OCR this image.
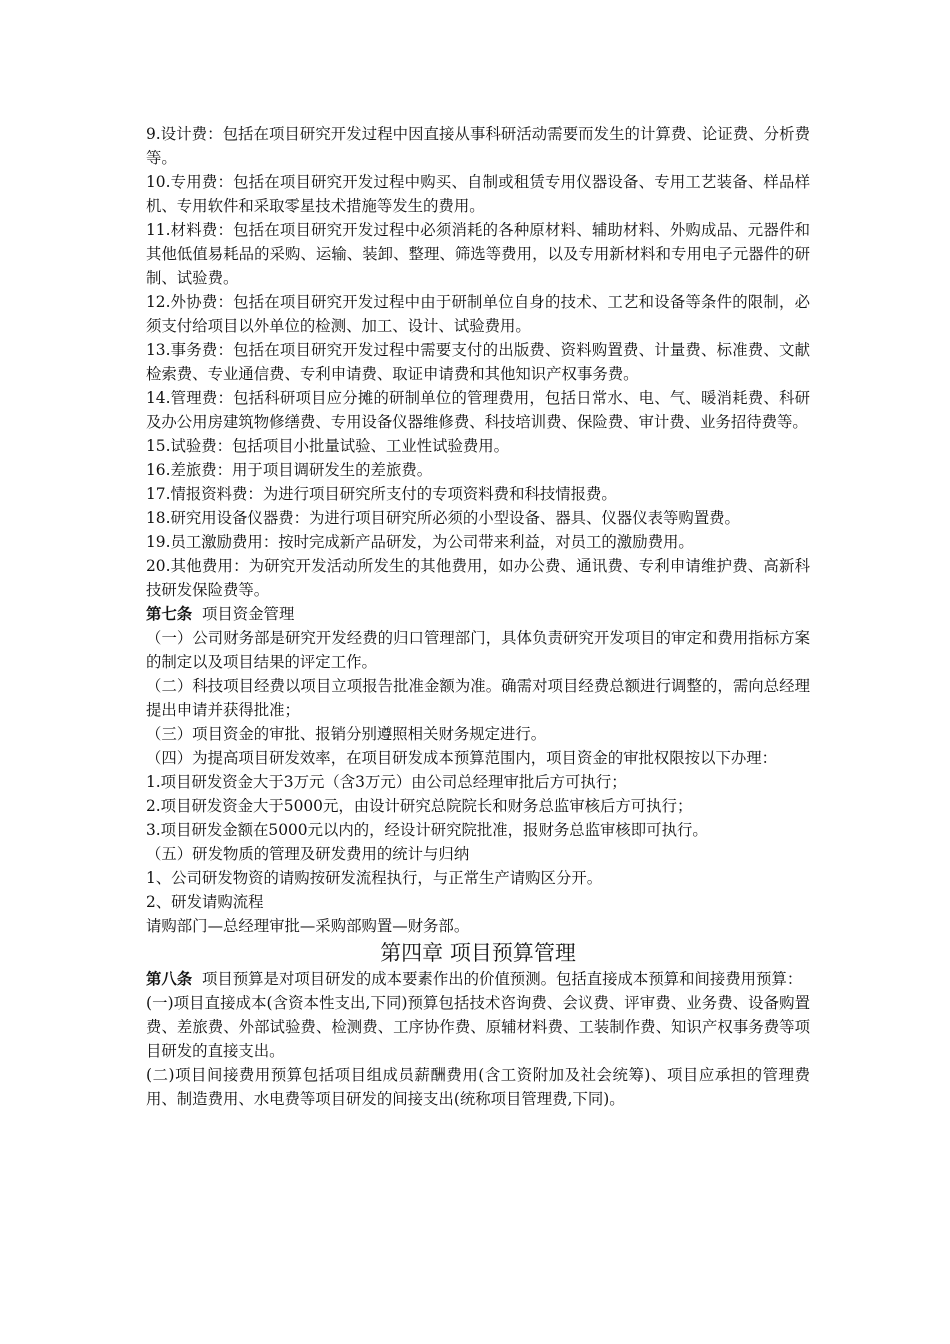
9.设计费：包括在项目研究开发过程中因直接从事科研活动需要而发生的计算费、论证费、分析费等。

10.专用费：包括在项目研究开发过程中购买、自制或租赁专用仪器设备、专用工艺装备、样品样机、专用软件和采取零星技术措施等发生的费用。

11.材料费：包括在项目研究开发过程中必须消耗的各种原材料、辅助材料、外购成品、元器件和其他低值易耗品的采购、运输、装卸、整理、筛选等费用，以及专用新材料和专用电子元器件的研制、试验费。

12.外协费：包括在项目研究开发过程中由于研制单位自身的技术、工艺和设备等条件的限制，必须支付给项目以外单位的检测、加工、设计、试验费用。

13.事务费：包括在项目研究开发过程中需要支付的出版费、资料购置费、计量费、标准费、文献检索费、专业通信费、专利申请费、取证申请费和其他知识产权事务费。

14.管理费：包括科研项目应分摊的研制单位的管理费用，包括日常水、电、气、暖消耗费、科研及办公用房建筑物修缮费、专用设备仪器维修费、科技培训费、保险费、审计费、业务招待费等。

15.试验费：包括项目小批量试验、工业性试验费用。

16.差旅费：用于项目调研发生的差旅费。

17.情报资料费：为进行项目研究所支付的专项资料费和科技情报费。

18.研究用设备仪器费：为进行项目研究所必须的小型设备、器具、仪器仪表等购置费。

19.员工激励费用：按时完成新产品研发，为公司带来利益，对员工的激励费用。

20.其他费用：为研究开发活动所发生的其他费用，如办公费、通讯费、专利申请维护费、高新科技研发保险费等。

第七条 项目资金管理

（一）公司财务部是研究开发经费的归口管理部门，具体负责研究开发项目的审定和费用指标方案的制定以及项目结果的评定工作。

（二）科技项目经费以项目立项报告批准金额为准。确需对项目经费总额进行调整的，需向总经理提出申请并获得批准；

（三）项目资金的审批、报销分别遵照相关财务规定进行。

（四）为提高项目研发效率，在项目研发成本预算范围内，项目资金的审批权限按以下办理：

1.项目研发资金大于3万元（含3万元）由公司总经理审批后方可执行；

2.项目研发资金大于5000元，由设计研究总院院长和财务总监审核后方可执行；

3.项目研发金额在5000元以内的，经设计研究院批准，报财务总监审核即可执行。

（五）研发物质的管理及研发费用的统计与归纳

1、公司研发物资的请购按研发流程执行，与正常生产请购区分开。

2、研发请购流程

请购部门—总经理审批—采购部购置—财务部。

第四章 项目预算管理

第八条 项目预算是对项目研发的成本要素作出的价值预测。包括直接成本预算和间接费用预算：

(一)项目直接成本(含资本性支出,下同)预算包括技术咨询费、会议费、评审费、业务费、设备购置费、差旅费、外部试验费、检测费、工序协作费、原辅材料费、工装制作费、知识产权事务费等项目研发的直接支出。

(二)项目间接费用预算包括项目组成员薪酬费用(含工资附加及社会统筹)、项目应承担的管理费用、制造费用、水电费等项目研发的间接支出(统称项目管理费,下同)。
